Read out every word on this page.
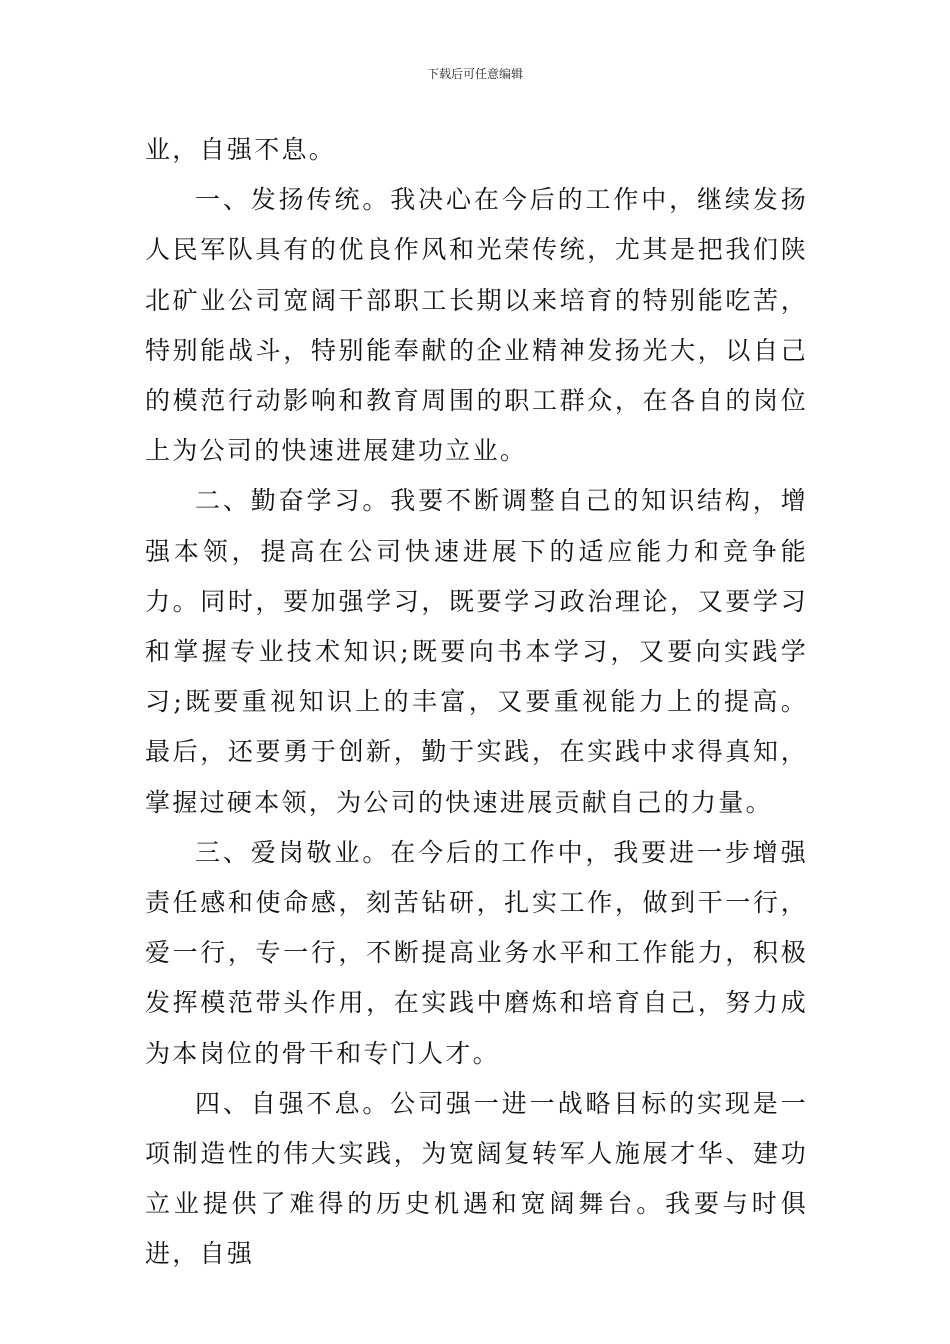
下载后可任意编辑

业，自强不息。

一、发扬传统。我决心在今后的工作中，继续发扬人民军队具有的优良作风和光荣传统，尤其是把我们陕北矿业公司宽阔干部职工长期以来培育的特别能吃苦，特别能战斗，特别能奉献的企业精神发扬光大，以自己的模范行动影响和教育周围的职工群众，在各自的岗位上为公司的快速进展建功立业。

二、勤奋学习。我要不断调整自己的知识结构，增强本领，提高在公司快速进展下的适应能力和竞争能力。同时，要加强学习，既要学习政治理论，又要学习和掌握专业技术知识;既要向书本学习，又要向实践学习;既要重视知识上的丰富，又要重视能力上的提高。最后，还要勇于创新，勤于实践，在实践中求得真知，掌握过硬本领，为公司的快速进展贡献自己的力量。

三、爱岗敬业。在今后的工作中，我要进一步增强责任感和使命感，刻苦钻研，扎实工作，做到干一行，爱一行，专一行，不断提高业务水平和工作能力，积极发挥模范带头作用，在实践中磨炼和培育自己，努力成为本岗位的骨干和专门人才。

四、自强不息。公司强一进一战略目标的实现是一项制造性的伟大实践，为宽阔复转军人施展才华、建功立业提供了难得的历史机遇和宽阔舞台。我要与时俱进，自强
